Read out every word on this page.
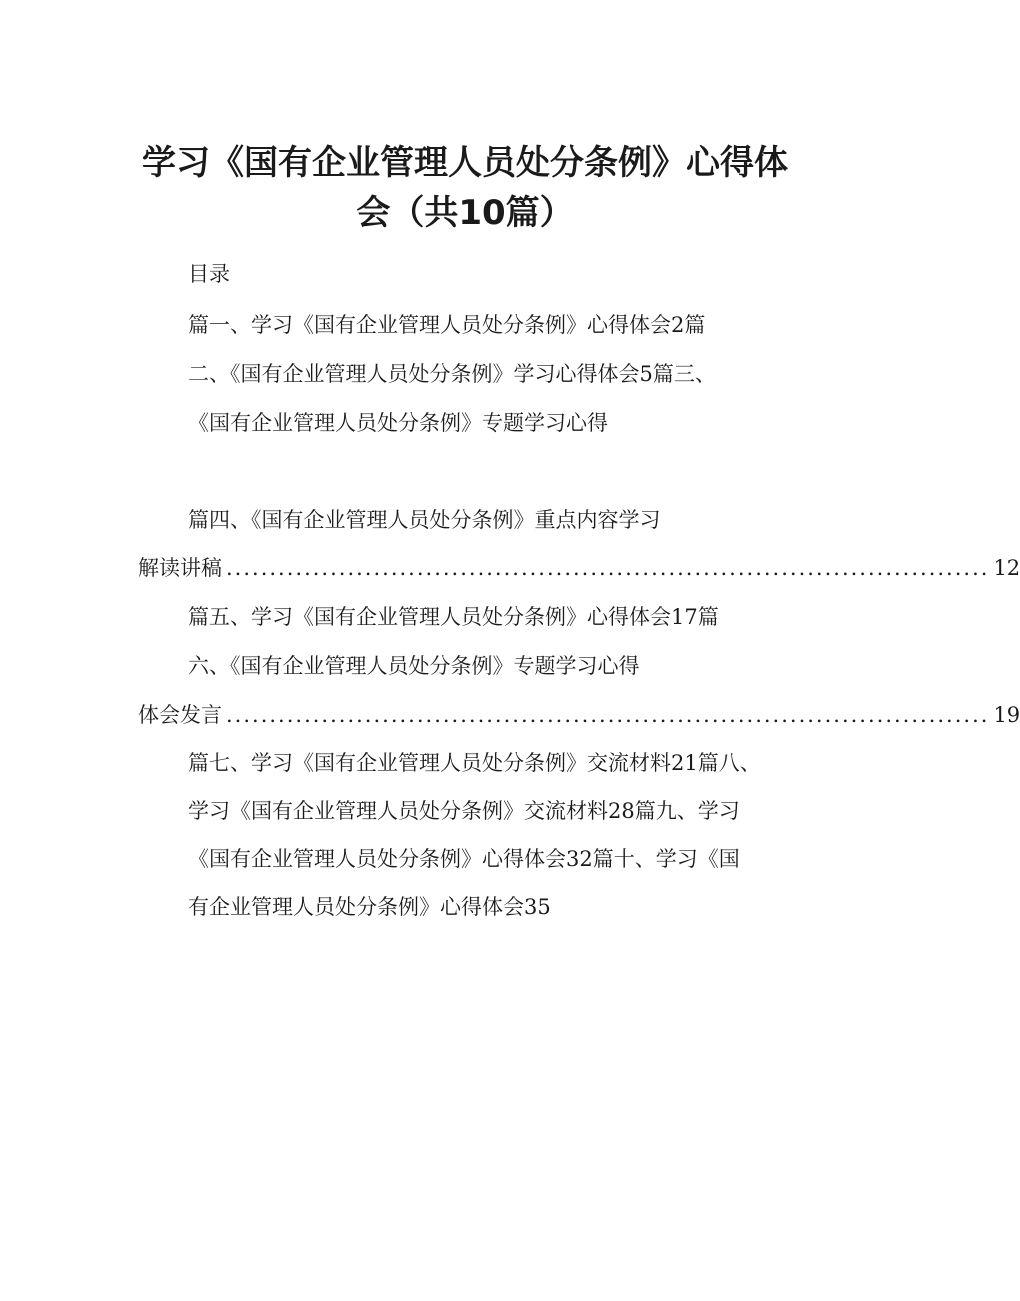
学习《国有企业管理人员处分条例》心得体
会（共10篇）
目录
篇一、学习《国有企业管理人员处分条例》心得体会2篇
二、《国有企业管理人员处分条例》学习心得体会5篇三、
《国有企业管理人员处分条例》专题学习心得
篇四、《国有企业管理人员处分条例》重点内容学习
解读讲稿 ........................................................................................ 12
篇五、学习《国有企业管理人员处分条例》心得体会17篇
六、《国有企业管理人员处分条例》专题学习心得
体会发言 ........................................................................................ 19
篇七、学习《国有企业管理人员处分条例》交流材料21篇八、
学习《国有企业管理人员处分条例》交流材料28篇九、学习
《国有企业管理人员处分条例》心得体会32篇十、学习《国
有企业管理人员处分条例》心得体会35
